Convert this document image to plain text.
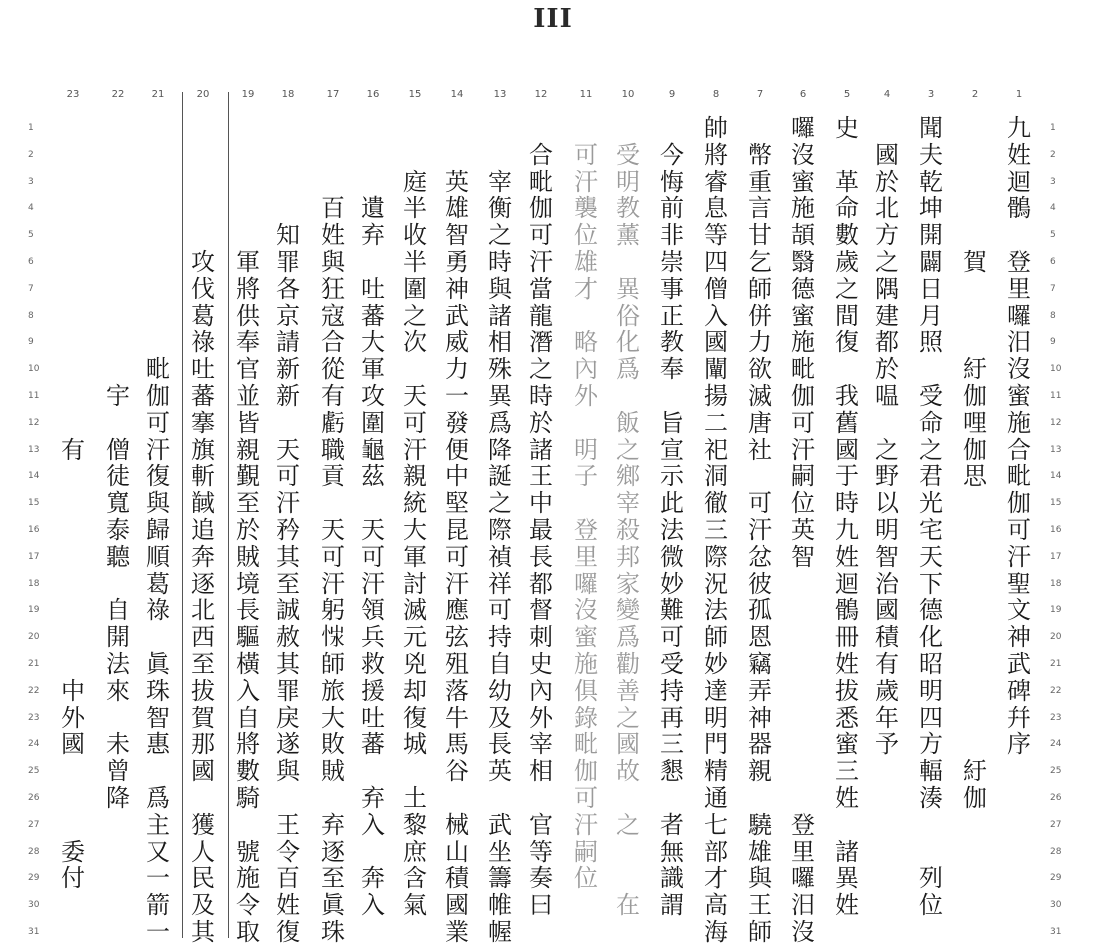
III
1
2
3
4
5
6
7
8
9
10
11
12
13
14
15
16
17
18
19
20
21
22
23
1	1
2	2
3	3
4	4
5	5
6	6
7	7
8	8
9	9
10	10
11	11
12	12
13	13
14	14
15	15
16	16
17	17
18	18
19	19
20	20
21	21
22	22
23	23
24	24
25	25
26	26
27	27
28	28
29	29
30	30
31	31
九
姓
迴
鶻
登
里
囉
汨
沒
蜜
施
合
毗
伽
可
汗
聖
文
神
武
碑
幷
序
賀
紆
伽
哩
伽
思
紆
伽
聞
夫
乾
坤
開
闢
日
月
照
受
命
之
君
光
宅
天
下
德
化
昭
明
四
方
輻
湊
列
位
國
於
北
方
之
隅
建
都
於
嗢
之
野
以
明
智
治
國
積
有
歲
年
予
史
革
命
數
歲
之
間
復
我
舊
國
于
時
九
姓
迴
鶻
冊
姓
拔
悉
蜜
三
姓
諸
異
姓
囉
沒
蜜
施
頡
翳
德
蜜
施
毗
伽
可
汗
嗣
位
英
智
登
里
囉
汨
沒
幣
重
言
甘
乞
師
併
力
欲
滅
唐
社
可
汗
忿
彼
孤
恩
竊
弄
神
器
親
驍
雄
與
王
師
帥
將
睿
息
等
四
僧
入
國
闡
揚
二
祀
洞
徹
三
際
況
法
師
妙
達
明
門
精
通
七
部
才
高
海
今
悔
前
非
崇
事
正
教
奉
旨
宣
示
此
法
微
妙
難
可
受
持
再
三
懇
者
無
識
謂
受
明
教
薰
異
俗
化
爲
飯
之
鄉
宰
殺
邦
家
變
爲
勸
善
之
國
故
之
在
可
汗
襲
位
雄
才
略
內
外
明
子
登
里
囉
沒
蜜
施
俱
錄
毗
伽
可
汗
嗣
位
合
毗
伽
可
汗
當
龍
潛
之
時
於
諸
王
中
最
長
都
督
刺
史
內
外
宰
相
官
等
奏
曰
宰
衡
之
時
與
諸
相
殊
異
爲
降
誕
之
際
禎
祥
可
持
自
幼
及
長
英
武
坐
籌
帷
幄
英
雄
智
勇
神
武
威
力
一
發
便
中
堅
昆
可
汗
應
弦
殂
落
牛
馬
谷
械
山
積
國
業
庭
半
收
半
圍
之
次
天
可
汗
親
統
大
軍
討
滅
元
兇
却
復
城
土
黎
庶
含
氣
遺
弃
吐
蕃
大
軍
攻
圍
龜
茲
天
可
汗
領
兵
救
援
吐
蕃
弃
入
奔
入
百
姓
與
狂
寇
合
從
有
虧
職
貢
天
可
汗
躬
𢚭
師
旅
大
敗
賊
弃
逐
至
眞
珠
知
罪
各
京
請
新
新
天
可
汗
矜
其
至
誠
赦
其
罪
戾
遂
與
王
令
百
姓
復
軍
將
供
奉
官
並
皆
親
覲
至
於
賊
境
長
驅
橫
入
自
將
數
騎
號
施
令
取
攻
伐
葛
祿
吐
蕃
搴
旗
斬
馘
追
奔
逐
北
西
至
拔
賀
那
國
獲
人
民
及
其
毗
伽
可
汗
復
與
歸
順
葛
祿
眞
珠
智
惠
爲
主
又
一
箭
一
宇
僧
徒
寬
泰
聽
自
開
法
來
未
曾
降
有
中
外
國
委
付
